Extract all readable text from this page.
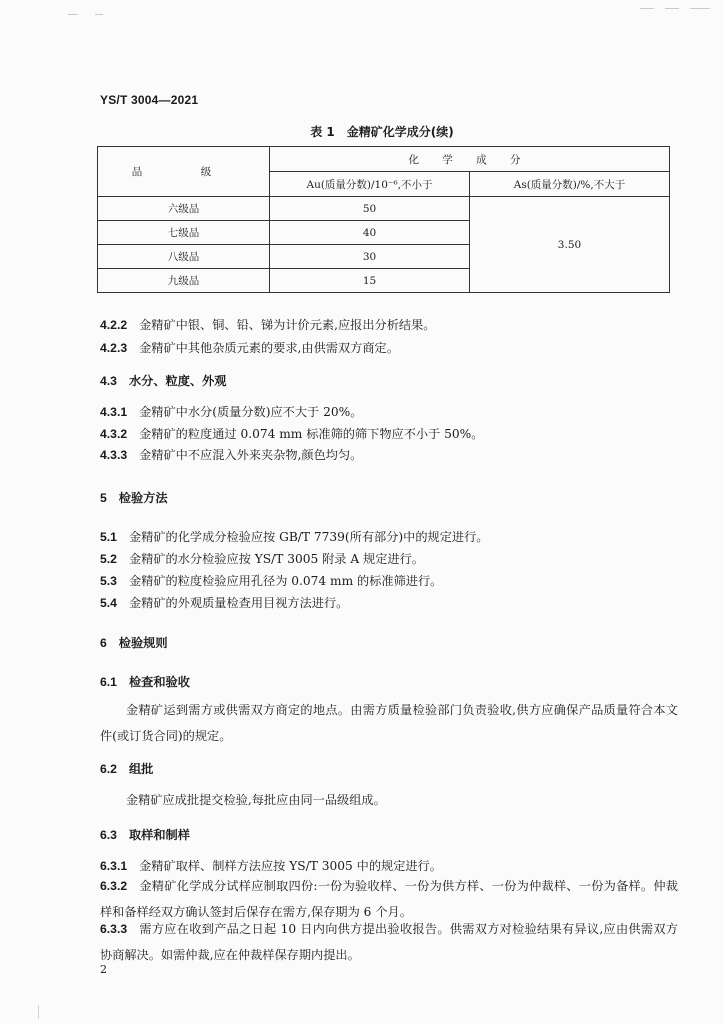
YS/T 3004—2021
表 1　金精矿化学成分(续)
品　级	化 学 成 分	
	Au(质量分数)/10⁻⁶,不小于	As(质量分数)/%,不大于
六级品	50	3.50
七级品	40	
八级品	30	
九级品	15	
4.2.2 金精矿中银、铜、铅、锑为计价元素,应报出分析结果。
4.2.3 金精矿中其他杂质元素的要求,由供需双方商定。
4.3 水分、粒度、外观
4.3.1 金精矿中水分(质量分数)应不大于 20%。
4.3.2 金精矿的粒度通过 0.074 mm 标准筛的筛下物应不小于 50%。
4.3.3 金精矿中不应混入外来夹杂物,颜色均匀。
5 检验方法
5.1 金精矿的化学成分检验应按 GB/T 7739(所有部分)中的规定进行。
5.2 金精矿的水分检验应按 YS/T 3005 附录 A 规定进行。
5.3 金精矿的粒度检验应用孔径为 0.074 mm 的标准筛进行。
5.4 金精矿的外观质量检查用目视方法进行。
6 检验规则
6.1 检查和验收
金精矿运到需方或供需双方商定的地点。由需方质量检验部门负责验收,供方应确保产品质量符合本文件(或订货合同)的规定。
6.2 组批
金精矿应成批提交检验,每批应由同一品级组成。
6.3 取样和制样
6.3.1 金精矿取样、制样方法应按 YS/T 3005 中的规定进行。
6.3.2 金精矿化学成分试样应制取四份:一份为验收样、一份为供方样、一份为仲裁样、一份为备样。仲裁样和备样经双方确认签封后保存在需方,保存期为 6 个月。
6.3.3 需方应在收到产品之日起 10 日内向供方提出验收报告。供需双方对检验结果有异议,应由供需双方协商解决。如需仲裁,应在仲裁样保存期内提出。
2
